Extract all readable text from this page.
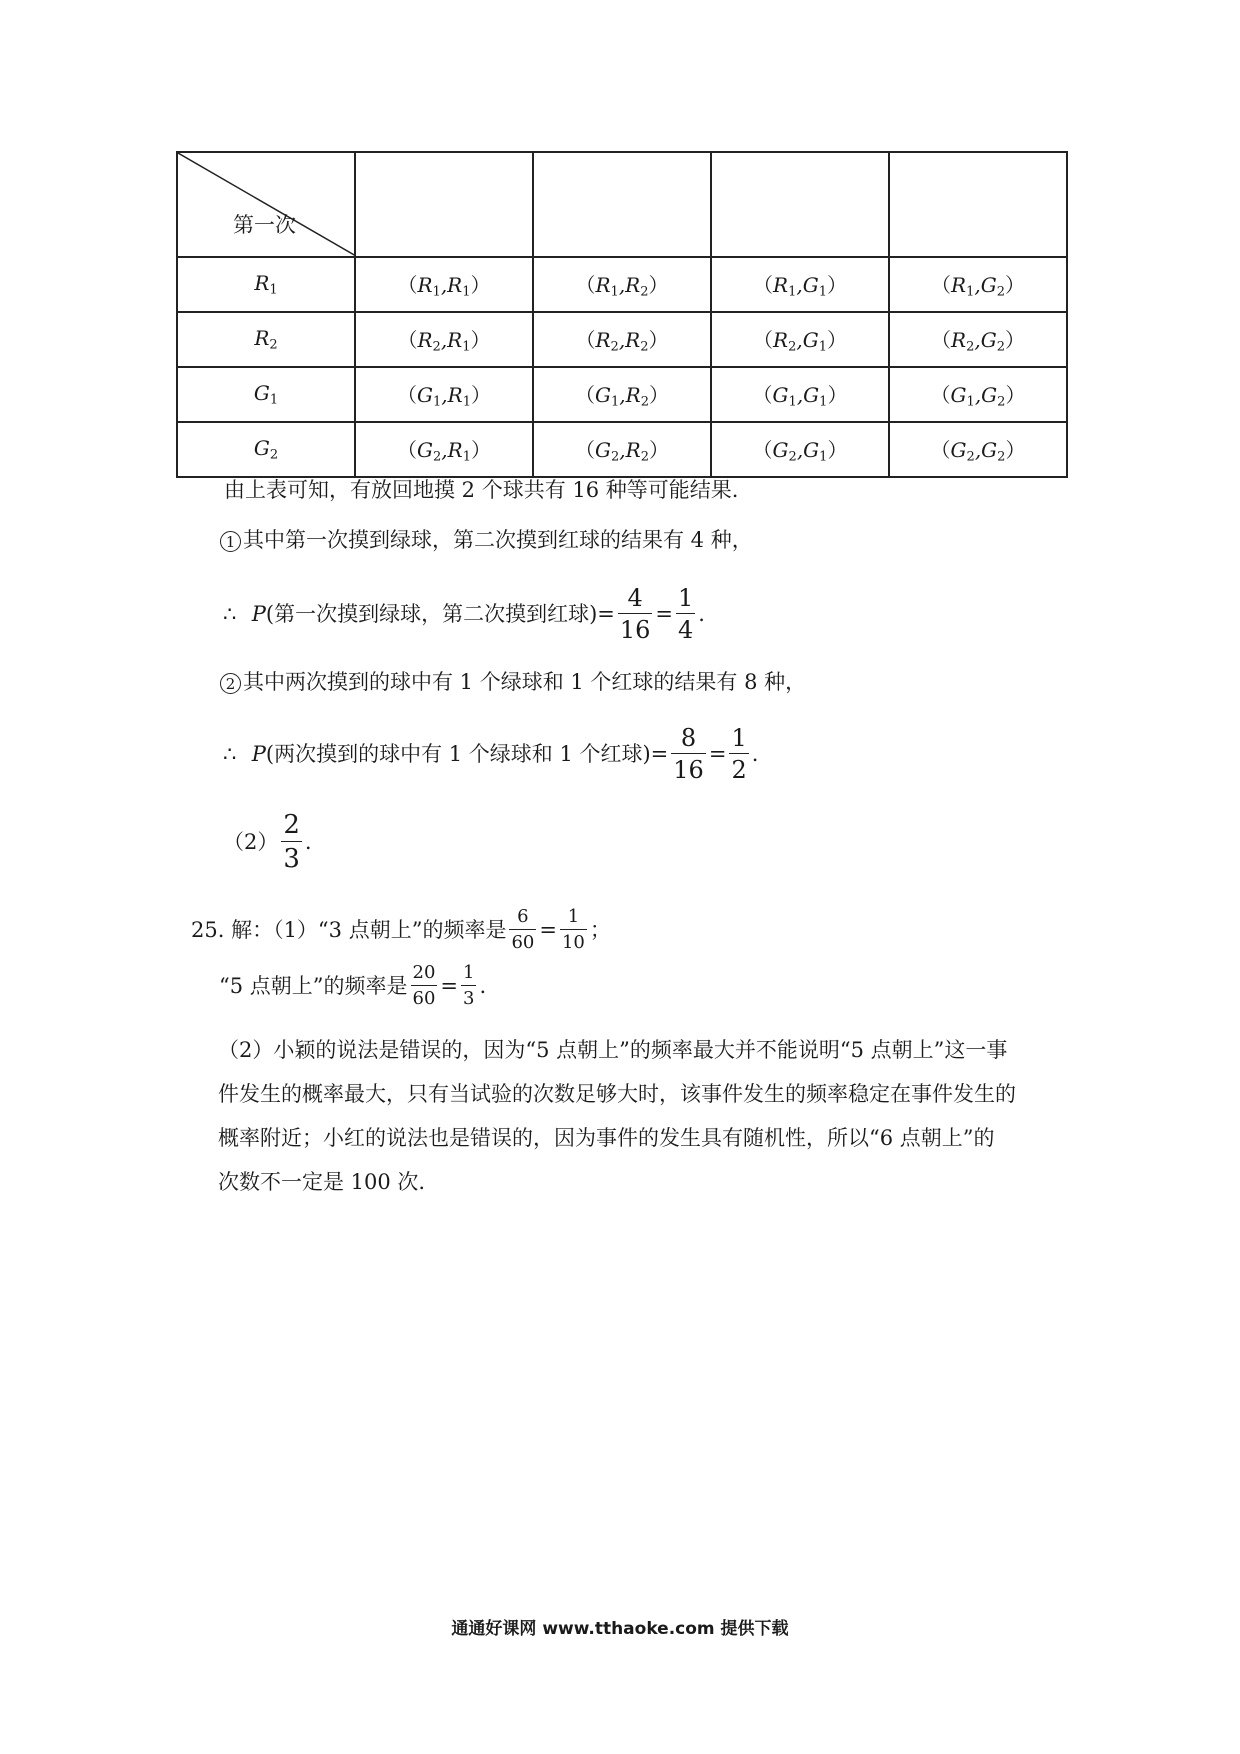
第一次				

$R_1$	$(R_1,R_1)$	$(R_1,R_2)$	$(R_1,G_1)$	$(R_1,G_2)$
$R_2$	$(R_2,R_1)$	$(R_2,R_2)$	$(R_2,G_1)$	$(R_2,G_2)$
$G_1$	$(G_1,R_1)$	$(G_1,R_2)$	$(G_1,G_1)$	$(G_1,G_2)$
$G_2$	$(G_2,R_1)$	$(G_2,R_2)$	$(G_2,G_1)$	$(G_2,G_2)$
由上表可知，有放回地摸 2 个球共有 16 种等可能结果.
1 其中第一次摸到绿球，第二次摸到红球的结果有 4 种，
∴ P(第一次摸到绿球，第二次摸到红球)= $\frac{4}{16} = \frac{1}{4}$ .
2 其中两次摸到的球中有 1 个绿球和 1 个红球的结果有 8 种，
∴ P(两次摸到的球中有 1 个绿球和 1 个红球)= $\frac{8}{16} = \frac{1}{2}$ .
$(2) \frac{2}{3}$ .
25. 解：（1）“3 点朝上”的频率是 $\frac{6}{60} = \frac{1}{10}$ ；
“5 点朝上”的频率是 $\frac{20}{60} = \frac{1}{3}$ .
（2）小颖的说法是错误的，因为“5 点朝上”的频率最大并不能说明“5 点朝上”这一事
件发生的概率最大，只有当试验的次数足够大时，该事件发生的频率稳定在事件发生的
概率附近；小红的说法也是错误的，因为事件的发生具有随机性，所以“6 点朝上”的
次数不一定是 100 次.
通通好课网 www.tthaoke.com 提供下载
